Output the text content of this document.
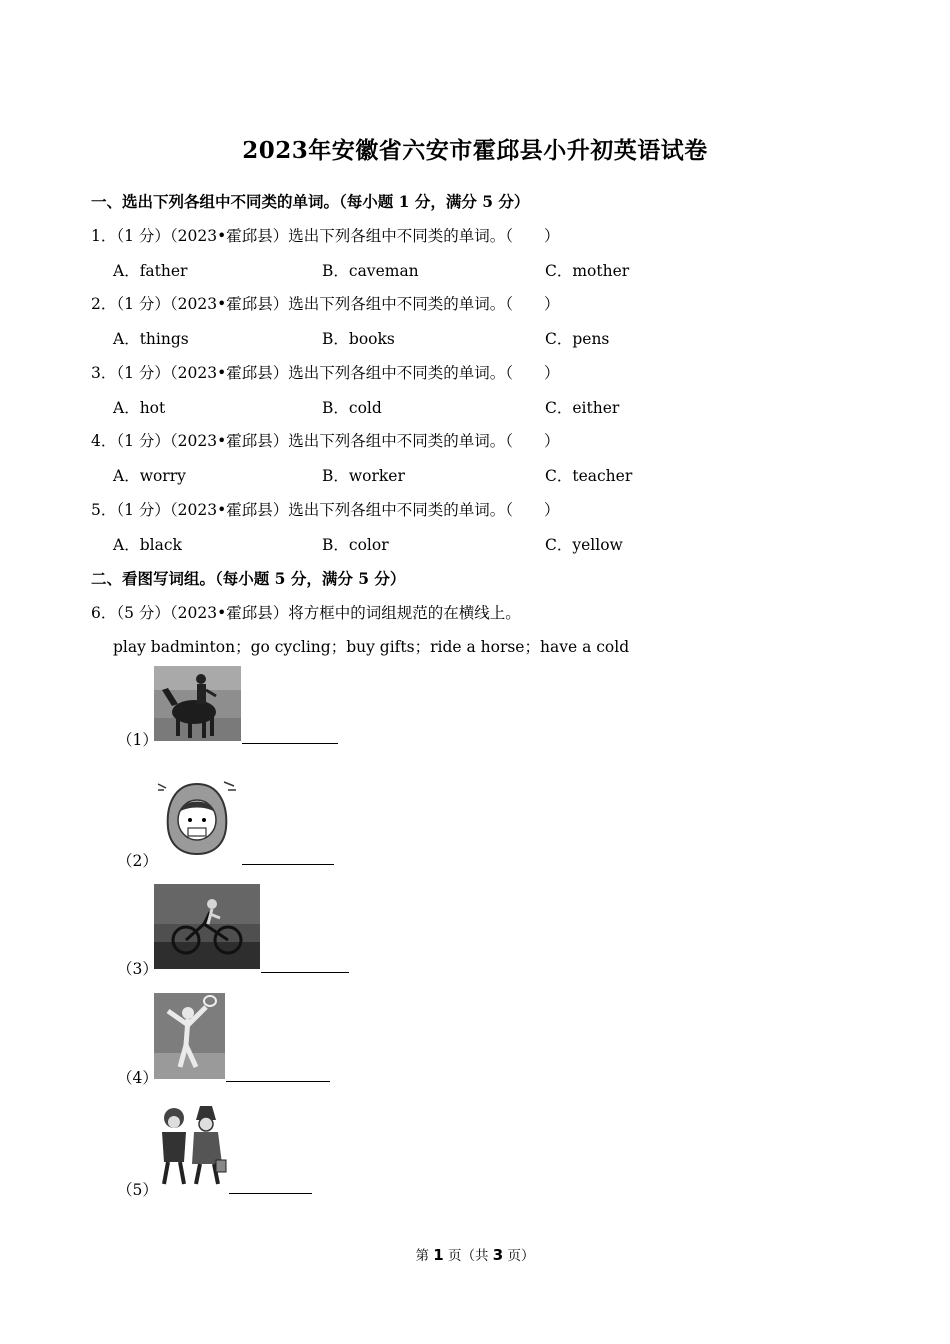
2023年安徽省六安市霍邱县小升初英语试卷
一、选出下列各组中不同类的单词。（每小题 1 分，满分 5 分）
1．（1 分）（2023•霍邱县）选出下列各组中不同类的单词。（　　）
A．father	B．caveman	C．mother
2．（1 分）（2023•霍邱县）选出下列各组中不同类的单词。（　　）
A．things	B．books	C．pens
3．（1 分）（2023•霍邱县）选出下列各组中不同类的单词。（　　）
A．hot	B．cold	C．either
4．（1 分）（2023•霍邱县）选出下列各组中不同类的单词。（　　）
A．worry	B．worker	C．teacher
5．（1 分）（2023•霍邱县）选出下列各组中不同类的单词。（　　）
A．black	B．color	C．yellow
二、看图写词组。（每小题 5 分，满分 5 分）
6．（5 分）（2023•霍邱县）将方框中的词组规范的在横线上。
play badminton；go cycling；buy gifts；ride a horse；have a cold
（1）
（2）
（3）
（4）
（5）
第 1 页（共 3 页）
